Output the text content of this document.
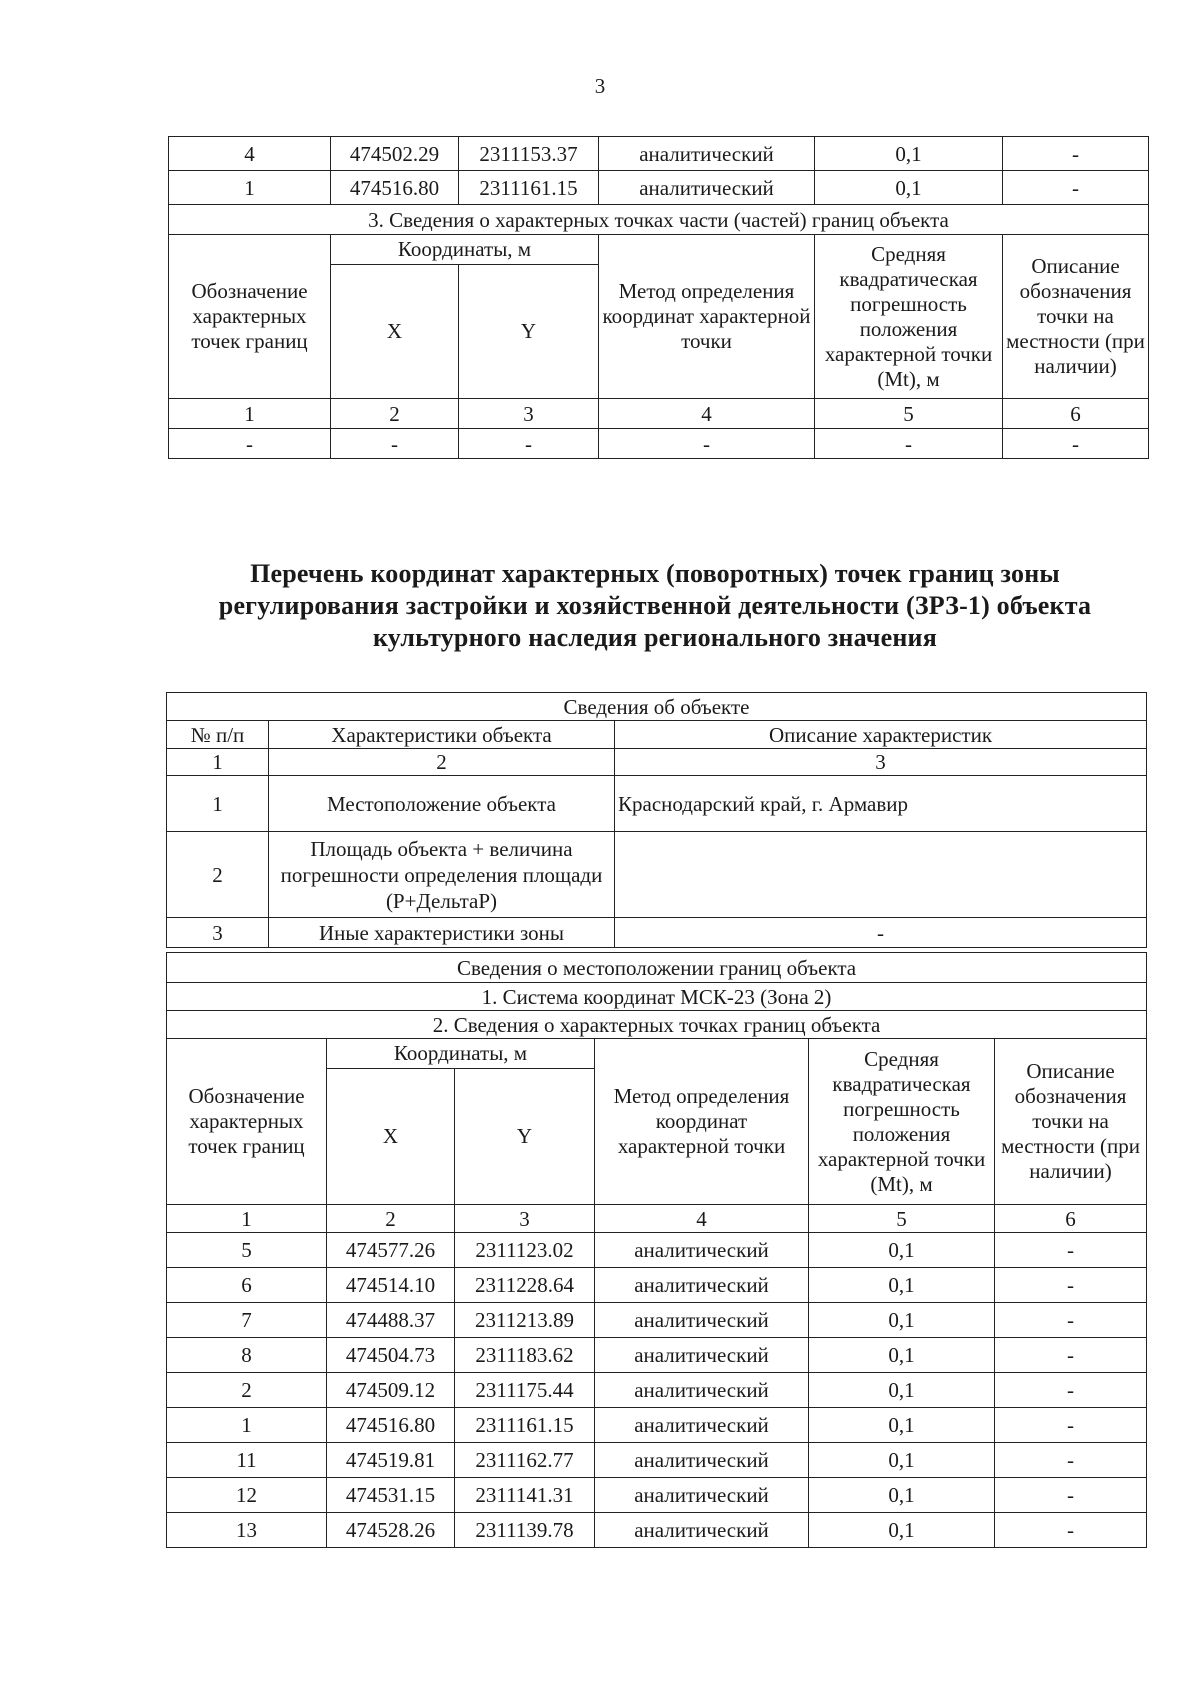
3
4	474502.29	2311153.37	аналитический	0,1	-
1	474516.80	2311161.15	аналитический	0,1	-
3. Сведения о характерных точках части (частей) границ объекта					
Обозначение характерных точек границ	Координаты, м		Метод определения координат характерной точки	Средняя квадратическая погрешность положения характерной точки (Mt), м	Описание обозначения точки на местности (при наличии)
	X	Y			
1	2	3	4	5	6
-	-	-	-	-	-
Перечень координат характерных (поворотных) точек границ зоны регулирования застройки и хозяйственной деятельности (ЗРЗ-1) объекта культурного наследия регионального значения
Сведения об объекте		
№ п/п	Характеристики объекта	Описание характеристик
1	2	3
1	Местоположение объекта	Краснодарский край, г. Армавир
2	Площадь объекта + величина погрешности определения площади (Р+ДельтаР)	
3	Иные характеристики зоны	-
Сведения о местоположении границ объекта					
1. Система координат МСК-23 (Зона 2)					
2. Сведения о характерных точках границ объекта					
Обозначение характерных точек границ	Координаты, м		Метод определения координат характерной точки	Средняя квадратическая погрешность положения характерной точки (Mt), м	Описание обозначения точки на местности (при наличии)
	X	Y			
1	2	3	4	5	6
5	474577.26	2311123.02	аналитический	0,1	-
6	474514.10	2311228.64	аналитический	0,1	-
7	474488.37	2311213.89	аналитический	0,1	-
8	474504.73	2311183.62	аналитический	0,1	-
2	474509.12	2311175.44	аналитический	0,1	-
1	474516.80	2311161.15	аналитический	0,1	-
11	474519.81	2311162.77	аналитический	0,1	-
12	474531.15	2311141.31	аналитический	0,1	-
13	474528.26	2311139.78	аналитический	0,1	-
